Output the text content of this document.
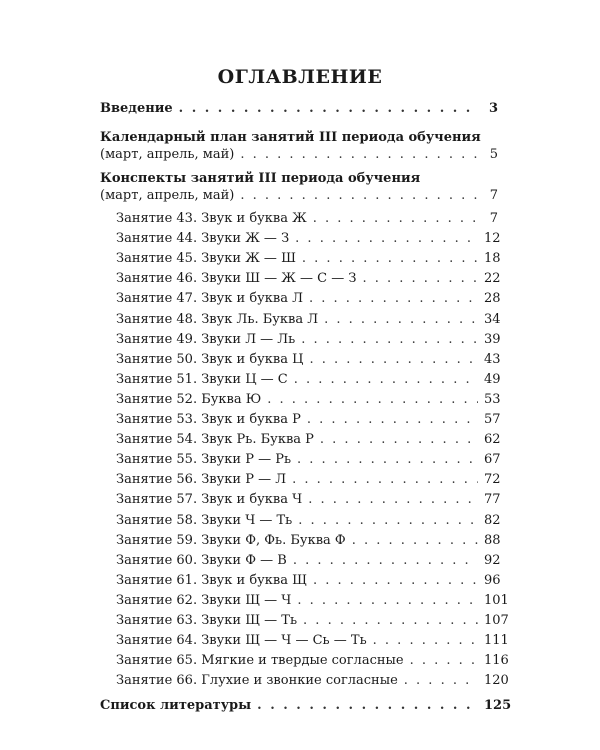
ОГЛАВЛЕНИЕ
Введение . . .	3
Календарный план занятий III периода обучения
(март, апрель, май) . . .	5
Конспекты занятий III периода обучения
(март, апрель, май) . . .	7
Занятие 43. Звук и буква Ж . . .	7
Занятие 44. Звуки Ж — З . . .	12
Занятие 45. Звуки Ж — Ш . . .	18
Занятие 46. Звуки Ш — Ж — С — З . . .	22
Занятие 47. Звук и буква Л . . .	28
Занятие 48. Звук Ль. Буква Л . . .	34
Занятие 49. Звуки Л — Ль . . .	39
Занятие 50. Звук и буква Ц . . .	43
Занятие 51. Звуки Ц — С . . .	49
Занятие 52. Буква Ю . . .	53
Занятие 53. Звук и буква Р . . .	57
Занятие 54. Звук Рь. Буква Р . . .	62
Занятие 55. Звуки Р — Рь . . .	67
Занятие 56. Звуки Р — Л . . .	72
Занятие 57. Звук и буква Ч . . .	77
Занятие 58. Звуки Ч — Ть . . .	82
Занятие 59. Звуки Ф, Фь. Буква Ф . . .	88
Занятие 60. Звуки Ф — В . . .	92
Занятие 61. Звук и буква Щ . . .	96
Занятие 62. Звуки Щ — Ч . . .	101
Занятие 63. Звуки Щ — Ть . . .	107
Занятие 64. Звуки Щ — Ч — Сь — Ть . . .	111
Занятие 65. Мягкие и твердые согласные . . .	116
Занятие 66. Глухие и звонкие согласные . . .	120
Список литературы . . .	125
